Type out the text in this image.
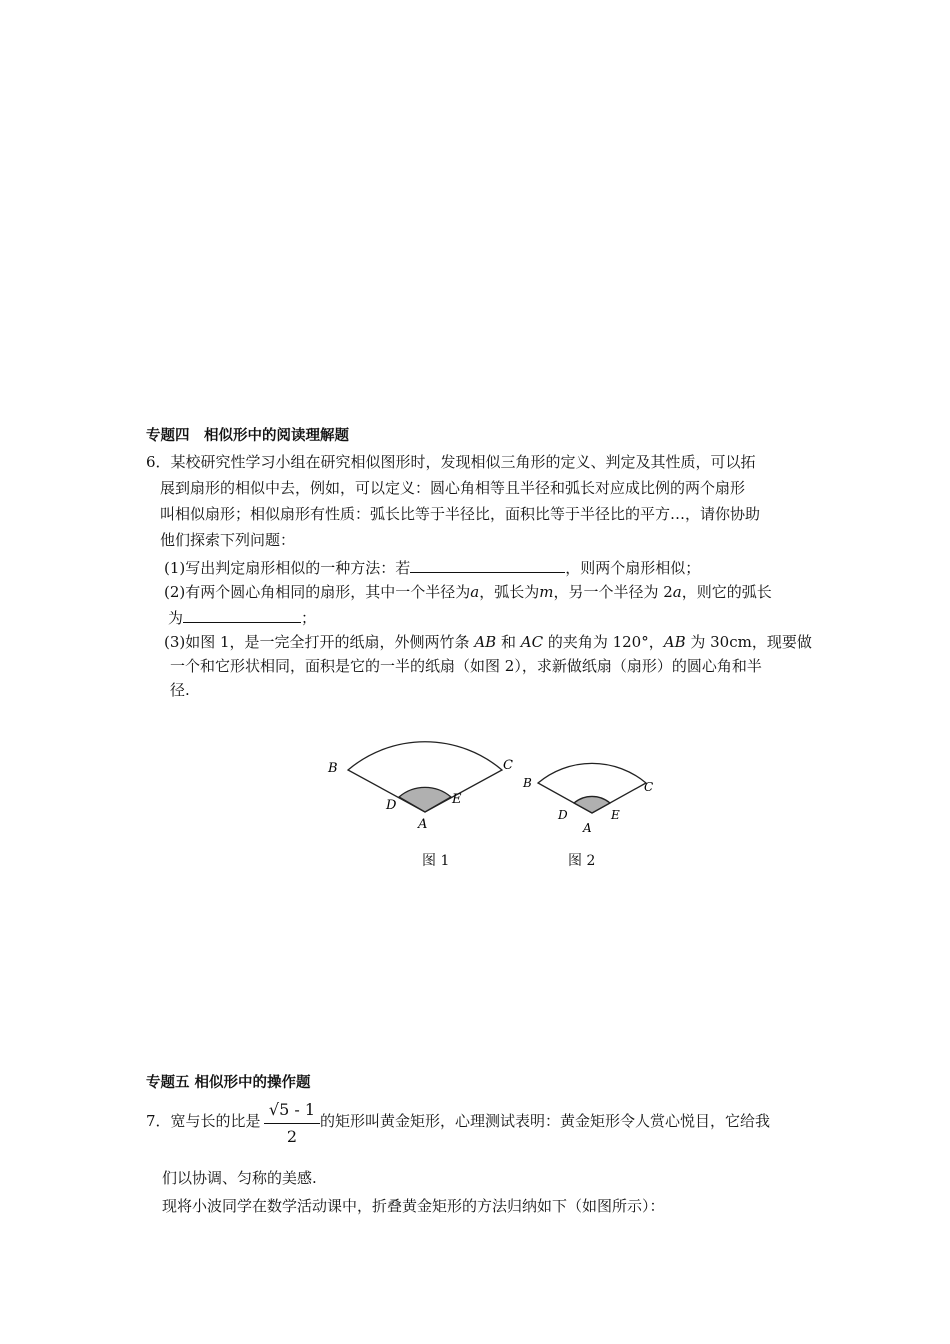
专题四　相似形中的阅读理解题
6．某校研究性学习小组在研究相似图形时，发现相似三角形的定义、判定及其性质，可以拓
展到扇形的相似中去，例如，可以定义：圆心角相等且半径和弧长对应成比例的两个扇形
叫相似扇形；相似扇形有性质：弧长比等于半径比，面积比等于半径比的平方…，请你协助
他们探索下列问题：
(1)写出判定扇形相似的一种方法：若	，则两个扇形相似；
(2)有两个圆心角相同的扇形，其中一个半径为a，弧长为m，另一个半径为 2a，则它的弧长
为	；
(3)如图 1，是一完全打开的纸扇，外侧两竹条 AB 和 AC 的夹角为 120°，AB 为 30cm，现要做
一个和它形状相同，面积是它的一半的纸扇（如图 2），求新做纸扇（扇形）的圆心角和半
径.
B	C
D	E
A
B	C
D	E
A
图 1	图 2
专题五 相似形中的操作题
7．宽与长的比是 $\frac{√5 - 1}{2}$ 的矩形叫黄金矩形，心理测试表明：黄金矩形令人赏心悦目，它给我
们以协调、匀称的美感.
现将小波同学在数学活动课中，折叠黄金矩形的方法归纳如下（如图所示）：
